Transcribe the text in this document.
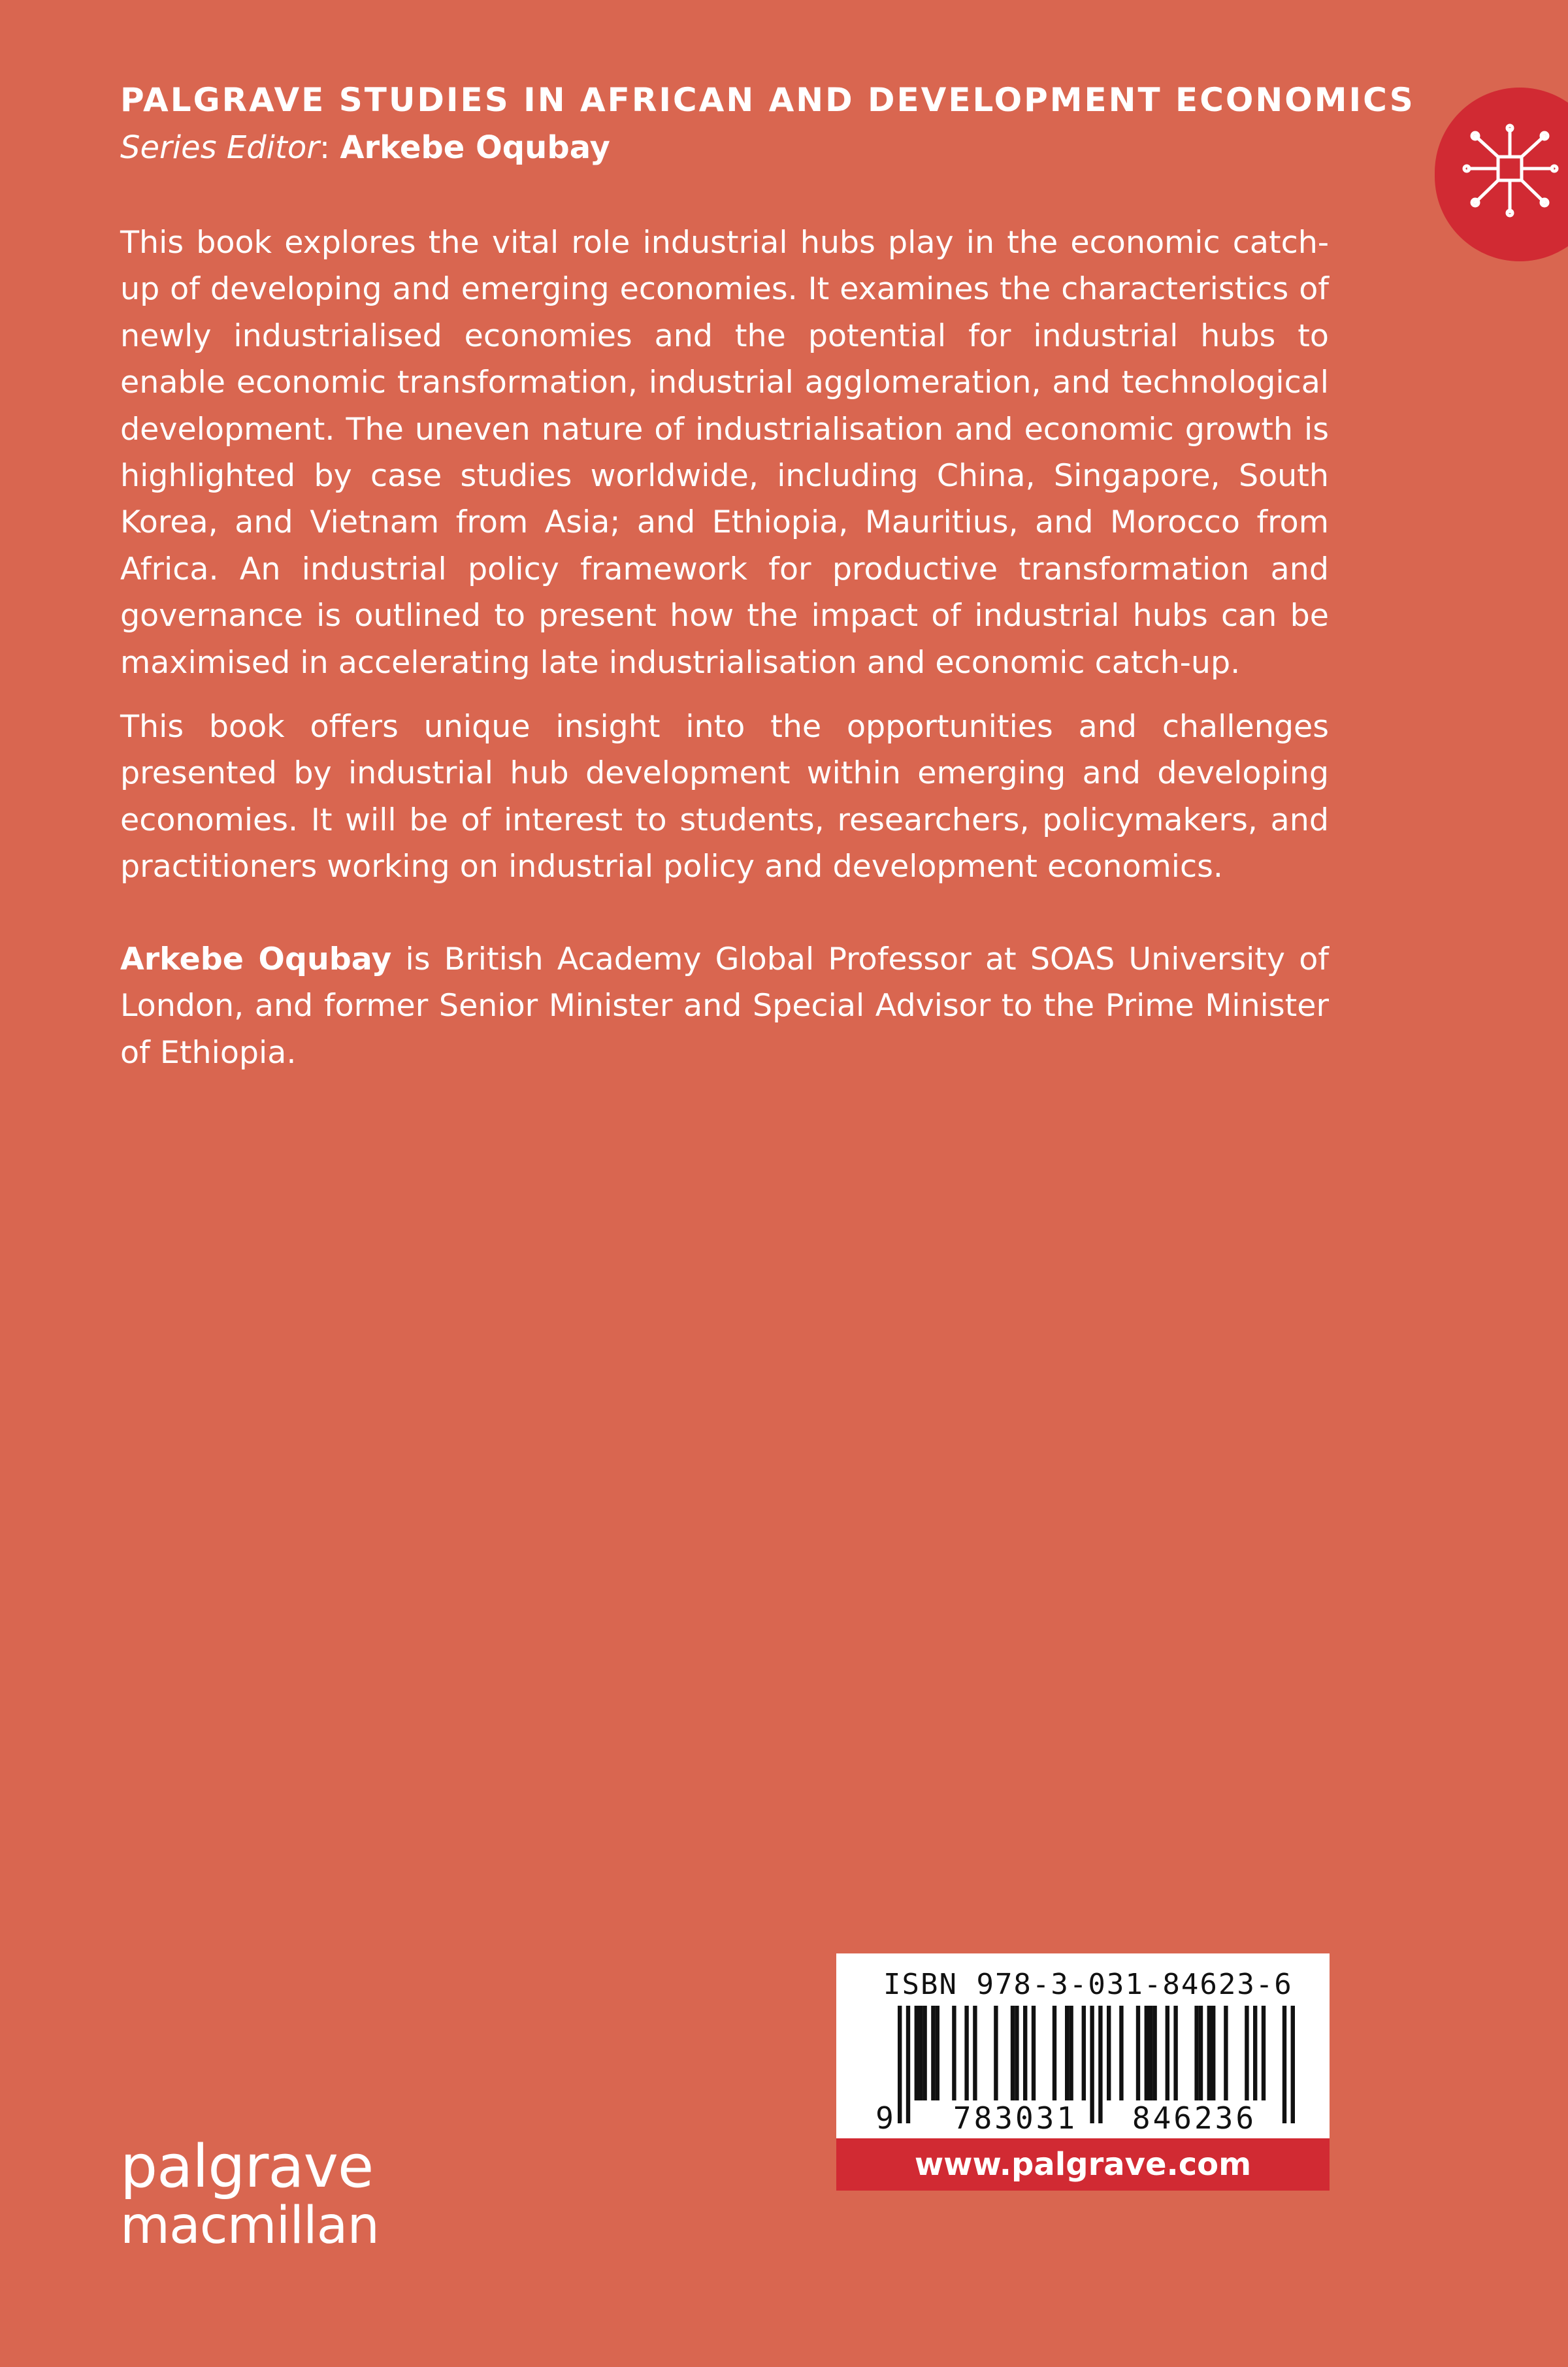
PALGRAVE STUDIES IN AFRICAN AND DEVELOPMENT ECONOMICS
Series Editor: Arkebe Oqubay

This book explores the vital role industrial hubs play in the economic catch-up of developing and emerging economies. It examines the characteristics of newly industrialised economies and the potential for industrial hubs to enable economic transformation, industrial agglomeration, and technological development. The uneven nature of industrialisation and economic growth is highlighted by case studies worldwide, including China, Singapore, South Korea, and Vietnam from Asia; and Ethiopia, Mauritius, and Morocco from Africa. An industrial policy framework for productive transformation and governance is outlined to present how the impact of industrial hubs can be maximised in accelerating late industrialisation and economic catch-up.

This book offers unique insight into the opportunities and challenges presented by industrial hub development within emerging and developing economies. It will be of interest to students, researchers, policymakers, and practitioners working on industrial policy and development economics.

Arkebe Oqubay is British Academy Global Professor at SOAS University of London, and former Senior Minister and Special Advisor to the Prime Minister of Ethiopia.

palgrave
macmillan
ISBN 978-3-031-84623-6
9 783031 846236
www.palgrave.com
